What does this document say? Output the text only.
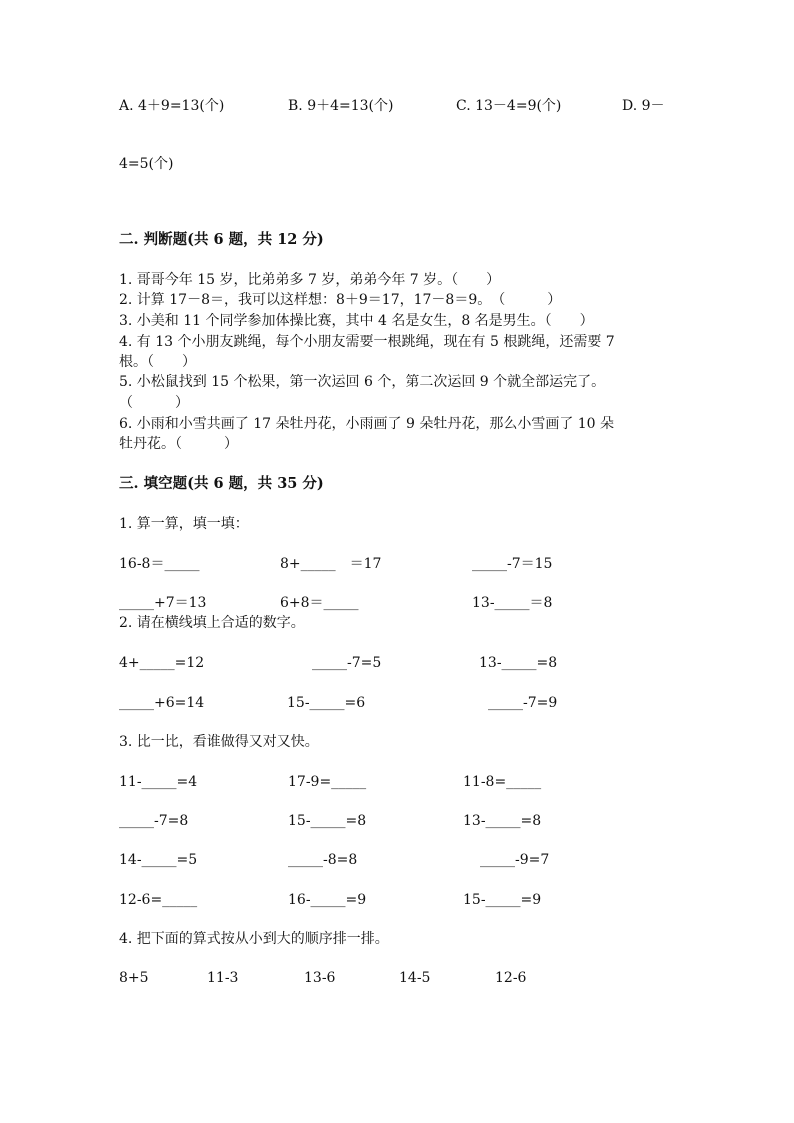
A. 4＋9=13(个)	B. 9＋4=13(个)	C. 13－4=9(个)	D. 9－
4=5(个)
二. 判断题(共 6 题，共 12 分)
1. 哥哥今年 15 岁，比弟弟多 7 岁，弟弟今年 7 岁。（　　）
2. 计算 17－8＝，我可以这样想：8＋9＝17，17－8＝9。　（　　　）
3. 小美和 11 个同学参加体操比赛，其中 4 名是女生，8 名是男生。（　　）
4. 有 13 个小朋友跳绳，每个小朋友需要一根跳绳，现在有 5 根跳绳，还需要 7
根。（　　）
5. 小松鼠找到 15 个松果，第一次运回 6 个，第二次运回 9 个就全部运完了。
（　　　）
6. 小雨和小雪共画了 17 朵牡丹花，小雨画了 9 朵牡丹花，那么小雪画了 10 朵
牡丹花。（　　　）
三. 填空题(共 6 题，共 35 分)
1. 算一算，填一填：
16-8＝_____	8+_____　＝17	_____-7＝15
_____+7＝13	6+8＝_____	13-_____＝8
2. 请在横线填上合适的数字。
4+_____=12	_____-7=5	13-_____=8
_____+6=14	15-_____=6	_____-7=9
3. 比一比，看谁做得又对又快。
11-_____=4	17-9=_____	11-8=_____
_____-7=8	15-_____=8	13-_____=8
14-_____=5	_____-8=8	_____-9=7
12-6=_____	16-_____=9	15-_____=9
4. 把下面的算式按从小到大的顺序排一排。
8+5	11-3	13-6	14-5	12-6
